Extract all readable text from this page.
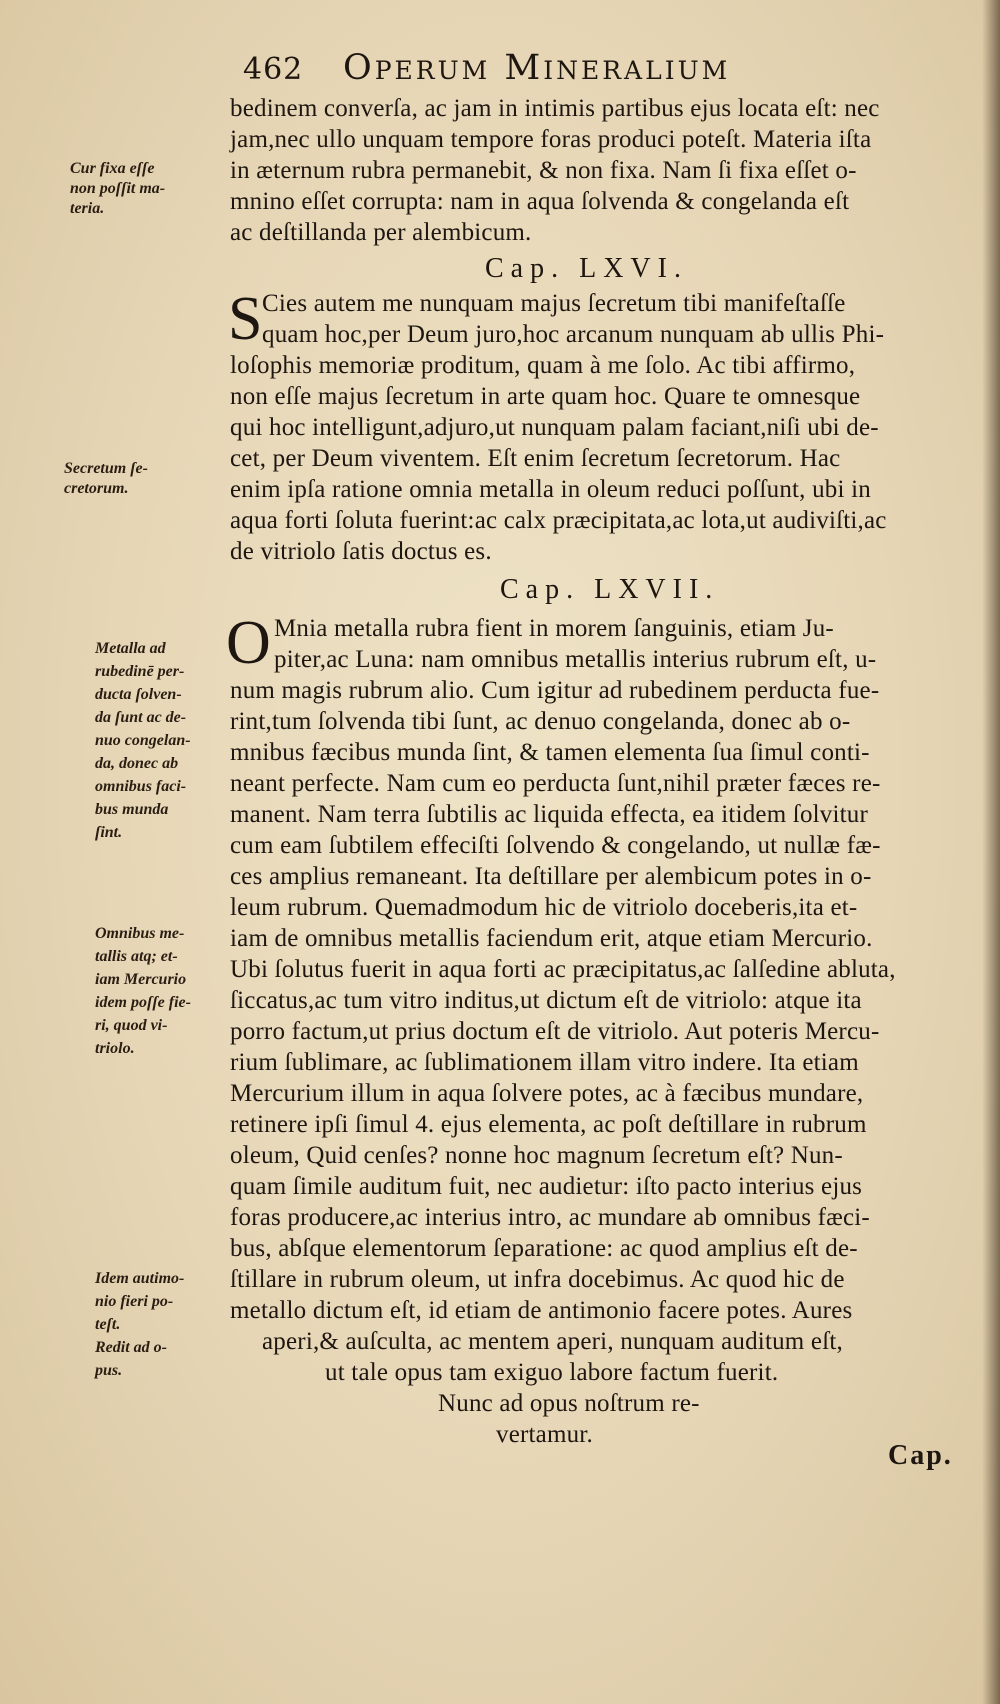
462	Operum Mineralium
bedinem converſa, ac jam in intimis partibus ejus locata eſt: nec
jam,nec ullo unquam tempore foras produci poteſt. Materia iſta
in æternum rubra permanebit, & non fixa. Nam ſi fixa eſſet o-
mnino eſſet corrupta: nam in aqua ſolvenda & congelanda eſt
ac deſtillanda per alembicum.
Cap. LXVI.
S Cies autem me nunquam majus ſecretum tibi manifeſtaſſe
quam hoc,per Deum juro,hoc arcanum nunquam ab ullis Phi-
loſophis memoriæ proditum, quam à me ſolo. Ac tibi affirmo,
non eſſe majus ſecretum in arte quam hoc. Quare te omnesque
qui hoc intelligunt,adjuro,ut nunquam palam faciant,niſi ubi de-
cet, per Deum viventem. Eſt enim ſecretum ſecretorum. Hac
enim ipſa ratione omnia metalla in oleum reduci poſſunt, ubi in
aqua forti ſoluta fuerint:ac calx præcipitata,ac lota,ut audiviſti,ac
de vitriolo ſatis doctus es.
Cap. LXVII.
O Mnia metalla rubra fient in morem ſanguinis, etiam Ju-
piter,ac Luna: nam omnibus metallis interius rubrum eſt, u-
num magis rubrum alio. Cum igitur ad rubedinem perducta fue-
rint,tum ſolvenda tibi ſunt, ac denuo congelanda, donec ab o-
mnibus fæcibus munda ſint, & tamen elementa ſua ſimul conti-
neant perfecte. Nam cum eo perducta ſunt,nihil præter fæces re-
manent. Nam terra ſubtilis ac liquida effecta, ea itidem ſolvitur
cum eam ſubtilem effeciſti ſolvendo & congelando, ut nullæ fæ-
ces amplius remaneant. Ita deſtillare per alembicum potes in o-
leum rubrum. Quemadmodum hic de vitriolo doceberis,ita et-
iam de omnibus metallis faciendum erit, atque etiam Mercurio.
Ubi ſolutus fuerit in aqua forti ac præcipitatus,ac ſalſedine abluta,
ſiccatus,ac tum vitro inditus,ut dictum eſt de vitriolo: atque ita
porro factum,ut prius doctum eſt de vitriolo. Aut poteris Mercu-
rium ſublimare, ac ſublimationem illam vitro indere. Ita etiam
Mercurium illum in aqua ſolvere potes, ac à fæcibus mundare,
retinere ipſi ſimul 4. ejus elementa, ac poſt deſtillare in rubrum
oleum, Quid cenſes? nonne hoc magnum ſecretum eſt? Nun-
quam ſimile auditum fuit, nec audietur: iſto pacto interius ejus
foras producere,ac interius intro, ac mundare ab omnibus fæci-
bus, abſque elementorum ſeparatione: ac quod amplius eſt de-
ſtillare in rubrum oleum, ut infra docebimus. Ac quod hic de
metallo dictum eſt, id etiam de antimonio facere potes. Aures
aperi,& auſculta, ac mentem aperi, nunquam auditum eſt,
ut tale opus tam exiguo labore factum fuerit.
Nunc ad opus noſtrum re-
vertamur.
Cap.
Cur fixa eſſe
non poſſit ma-
teria.
Secretum ſe-
cretorum.
Metalla ad
rubedinē per-
ducta ſolven-
da ſunt ac de-
nuo congelan-
da, donec ab
omnibus faci-
bus munda
ſint.
Omnibus me-
tallis atq; et-
iam Mercurio
idem poſſe fie-
ri, quod vi-
triolo.
Idem autimo-
nio fieri po-
teſt.
Redit ad o-
pus.
